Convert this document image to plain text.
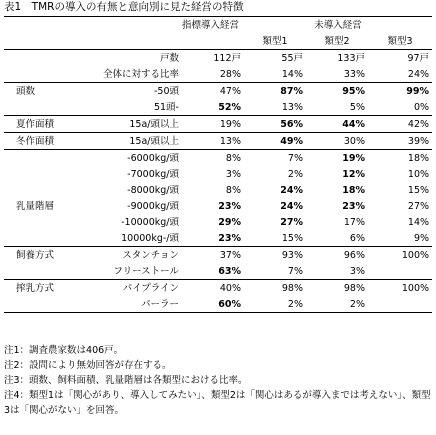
表1　TMRの導入の有無と意向別に見た経営の特徴
		指標導入経営	未導入経営		
			類型1	類型2	類型3
	戸数	112戸	55戸	133戸	97戸
	全体に対する比率	28%	14%	33%	24%
頭数	-50頭	47%	87%	95%	99%
	51頭-	52%	13%	5%	0%
夏作面積	15a/頭以上	19%	56%	44%	42%
冬作面積	15a/頭以上	13%	49%	30%	39%
	-6000kg/頭	8%	7%	19%	18%
	-7000kg/頭	3%	2%	12%	10%
	-8000kg/頭	8%	24%	18%	15%
乳量階層	-9000kg/頭	23%	24%	23%	27%
	-10000kg/頭	29%	27%	17%	14%
	10000kg-/頭	23%	15%	6%	9%
飼養方式	スタンチョン	37%	93%	96%	100%
	フリーストール	63%	7%	3%	
搾乳方式	パイプライン	40%	98%	98%	100%
	パーラー	60%	2%	2%	
注1：調査農家数は406戸。
注2：設問により無効回答が存在する。
注3：頭数、飼料面積、乳量階層は各類型における比率。
注4：類型1は「関心があり、導入してみたい」、類型2は「関心はあるが導入までは考えない」、類型3は「関心がない」を回答。
